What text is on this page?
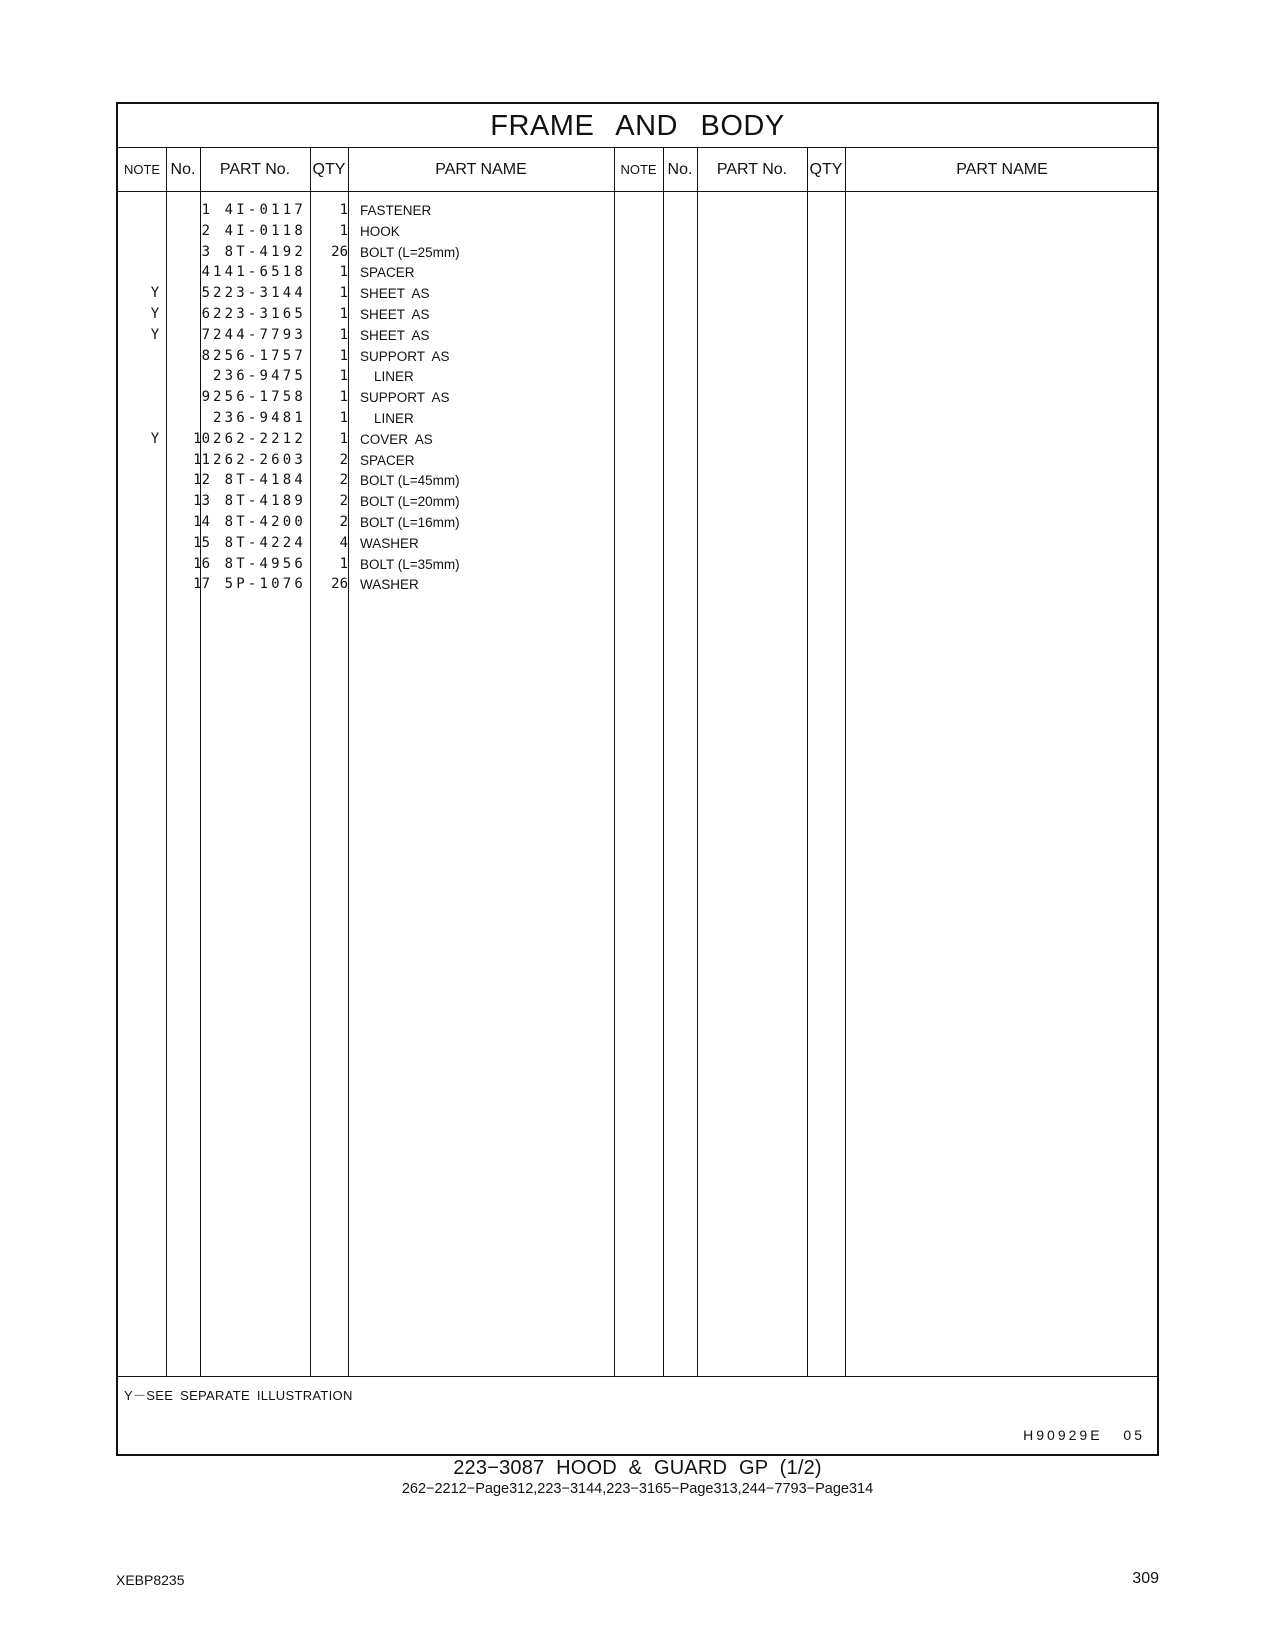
FRAME AND BODY
NOTE No.	PART No.	QTY	PART NAME	NOTE No.	PART No.	QTY	PART NAME
1	4I-0117	1 FASTENER
2	4I-0118	1 HOOK
3	8T-4192	26 BOLT (L=25mm)
4 141-6518	1 SPACER
Y	5 223-3144	1 SHEET  AS
Y	6 223-3165	1 SHEET  AS
Y	7 244-7793	1 SHEET  AS
8 256-1757	1 SUPPORT  AS
236-9475	1 LINER
9 256-1758	1 SUPPORT  AS
236-9481	1 LINER
Y	10 262-2212	1 COVER  AS
11 262-2603	2 SPACER
12	8T-4184	2 BOLT (L=45mm)
13	8T-4189	2 BOLT (L=20mm)
14	8T-4200	2 BOLT (L=16mm)
15	8T-4224	4 WASHER
16	8T-4956	1 BOLT (L=35mm)
17	5P-1076	26 WASHER
Y－SEE SEPARATE ILLUSTRATION
H90929E 05
223−3087 HOOD & GUARD GP (1/2)
262−2212−Page312,223−3144,223−3165−Page313,244−7793−Page314
XEBP8235	309
